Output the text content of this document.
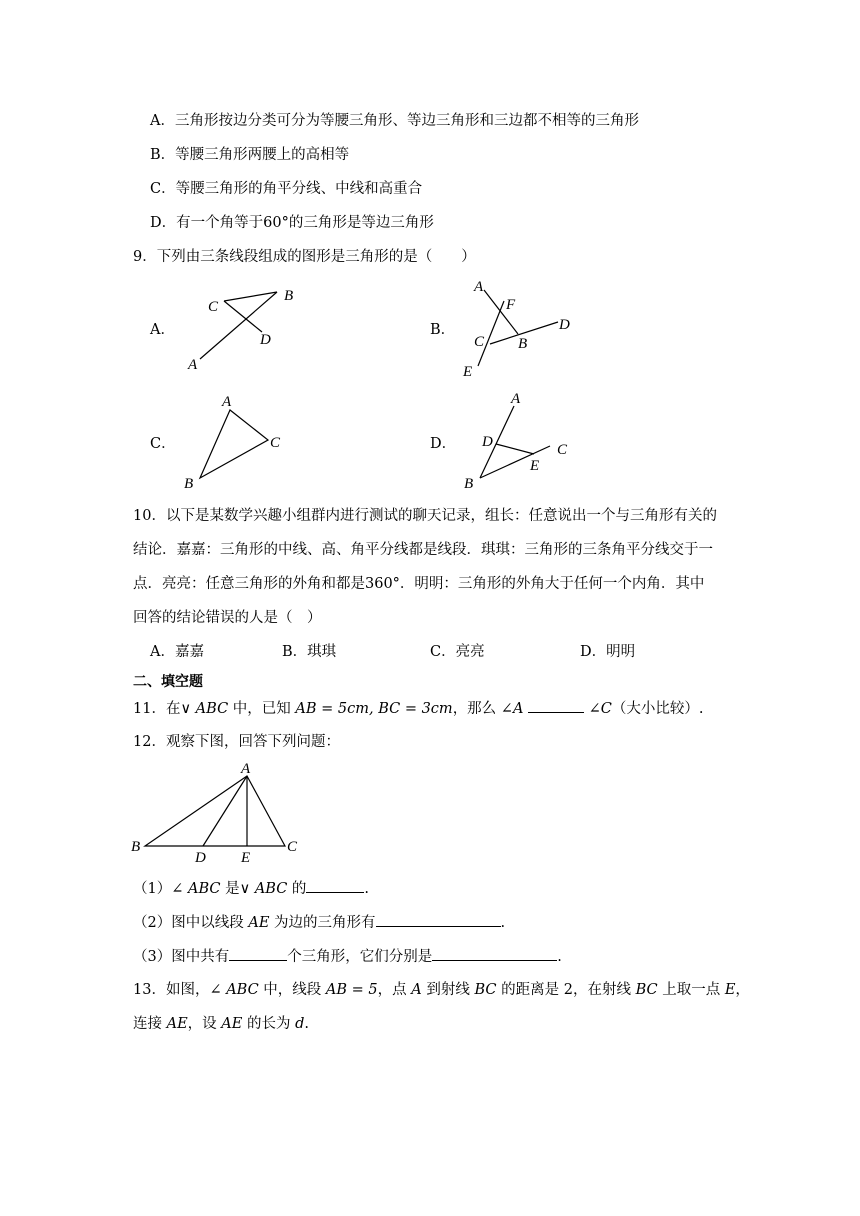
A．三角形按边分类可分为等腰三角形、等边三角形和三边都不相等的三角形
B．等腰三角形两腰上的高相等
C．等腰三角形的角平分线、中线和高重合
D．有一个角等于60°的三角形是等边三角形
9．下列由三条线段组成的图形是三角形的是（　　）
A．
A
B
C
D
B．
A
F
C B
D
E
C．
A
B
C	D．
A
D	C
E
B
10．以下是某数学兴趣小组群内进行测试的聊天记录，组长：任意说出一个与三角形有关的
结论．嘉嘉：三角形的中线、高、角平分线都是线段．琪琪：三角形的三条角平分线交于一
点．亮亮：任意三角形的外角和都是360°．明明：三角形的外角大于任何一个内角．其中
回答的结论错误的人是（　）
A．嘉嘉	B．琪琪	C．亮亮	D．明明
二、填空题
11．在∨ ABC 中，已知 AB = 5cm, BC = 3cm，那么 ∠A	∠C（大小比较）.
12．观察下图，回答下列问题：
A
B
D E
C
（1）∠ ABC 是∨ ABC 的	.
（2）图中以线段 AE 为边的三角形有	.
（3）图中共有	个三角形，它们分别是	.
13．如图，∠ ABC 中，线段 AB = 5，点 A 到射线 BC 的距离是 2，在射线 BC 上取一点 E，
连接 AE，设 AE 的长为 d.
